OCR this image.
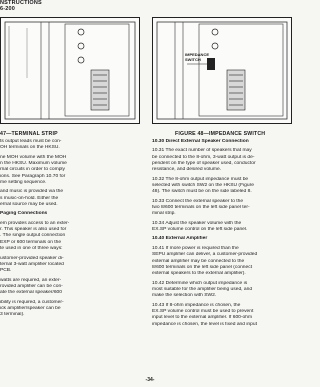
NSTRUCTIONS
6-200
IMPEDANCE SWITCH
47—TERMINAL STRIP	FIGURE 48—IMPEDANCE SWITCH
ts output leads must be con-
OH terminals on the HKSU.
ne MOH volume with the MOH
n the HKSU. Maximum volume
rnal circuits in order to comply
ions. See Paragraph 10.70 for
me setting sequence.
and music is provided via the
s music-on-hold. Either the
ernal source may be used.
Paging Connections
em provides access to an exter-
r. This speaker is also used for
. The single output connection
EXP or 600 terminals on the
te used in one of three ways:
ustomer-provided speaker di-
ternal 3-watt amplifier located
PCB.
watts are required, an exter-
rovided amplifier can be con-
ate the external speaker/600
ibility is required, a customer-
ick amplifier/speaker can be
3 terminal).
10.30 Direct External Speaker Connection
10.31 The exact number of speakers that may
be connected to the 8-ohm, 3-watt output is de-
pendent on the type of speaker used, conductor
resistance, and desired volume.
10.32 The 8-ohm output impedance must be
selected with switch SW2 on the HKSU (Figure
48). The switch must be on the side labeled 8.
10.33 Connect the external speaker to the
two 8/600 terminals on the left side panel ter-
minal strip.
10.34 Adjust the speaker volume with the
EX.SP volume control on the left side panel.
10.40 External Amplifier
10.41 If more power is required than the
SEPU amplifier can deliver, a customer-provided
external amplifier may be connected to the
8/600 terminals on the left side panel (connect
external speakers to the external amplifier).
10.42 Determine which output impedance is
most suitable for the amplifier being used, and
make the selection with SW2.
10.43 If 8-ohm impedance is chosen, the
EX.SP volume control must be used to prevent
input level to the external amplifier. If 600-ohm
impedance is chosen, the level is fixed and input
-34-
